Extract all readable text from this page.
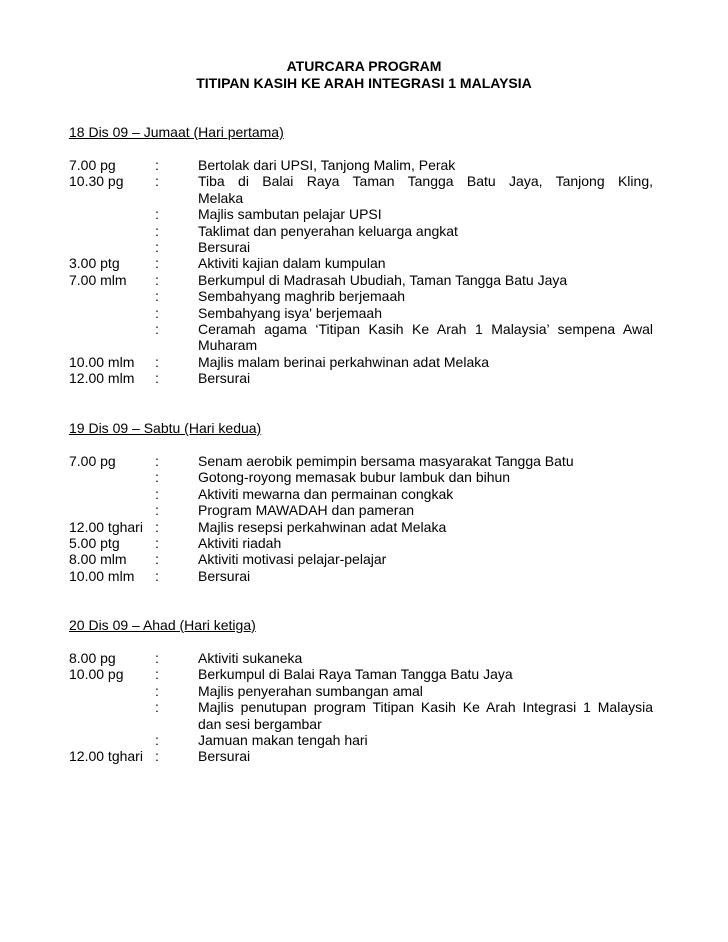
ATURCARA PROGRAM
TITIPAN KASIH KE ARAH INTEGRASI 1 MALAYSIA
18 Dis 09 – Jumaat (Hari pertama)
7.00 pg	:	Bertolak dari UPSI, Tanjong Malim, Perak
10.30 pg	:	Tiba di Balai Raya Taman Tangga Batu Jaya, Tanjong Kling,
Melaka
:	Majlis sambutan pelajar UPSI
:	Taklimat dan penyerahan keluarga angkat
:	Bersurai
3.00 ptg	:	Aktiviti kajian dalam kumpulan
7.00 mlm	:	Berkumpul di Madrasah Ubudiah, Taman Tangga Batu Jaya
:	Sembahyang maghrib berjemaah
:	Sembahyang isya' berjemaah
:	Ceramah agama ‘Titipan Kasih Ke Arah 1 Malaysia’ sempena Awal
Muharam
10.00 mlm	:	Majlis malam berinai perkahwinan adat Melaka
12.00 mlm	:	Bersurai
19 Dis 09 – Sabtu (Hari kedua)
7.00 pg	:	Senam aerobik pemimpin bersama masyarakat Tangga Batu
:	Gotong-royong memasak bubur lambuk dan bihun
:	Aktiviti mewarna dan permainan congkak
:	Program MAWADAH dan pameran
12.00 tghari :	Majlis resepsi perkahwinan adat Melaka
5.00 ptg	:	Aktiviti riadah
8.00 mlm	:	Aktiviti motivasi pelajar-pelajar
10.00 mlm	:	Bersurai
20 Dis 09 – Ahad (Hari ketiga)
8.00 pg	:	Aktiviti sukaneka
10.00 pg	:	Berkumpul di Balai Raya Taman Tangga Batu Jaya
:	Majlis penyerahan sumbangan amal
:	Majlis penutupan program Titipan Kasih Ke Arah Integrasi 1 Malaysia
dan sesi bergambar
:	Jamuan makan tengah hari
12.00 tghari :	Bersurai
